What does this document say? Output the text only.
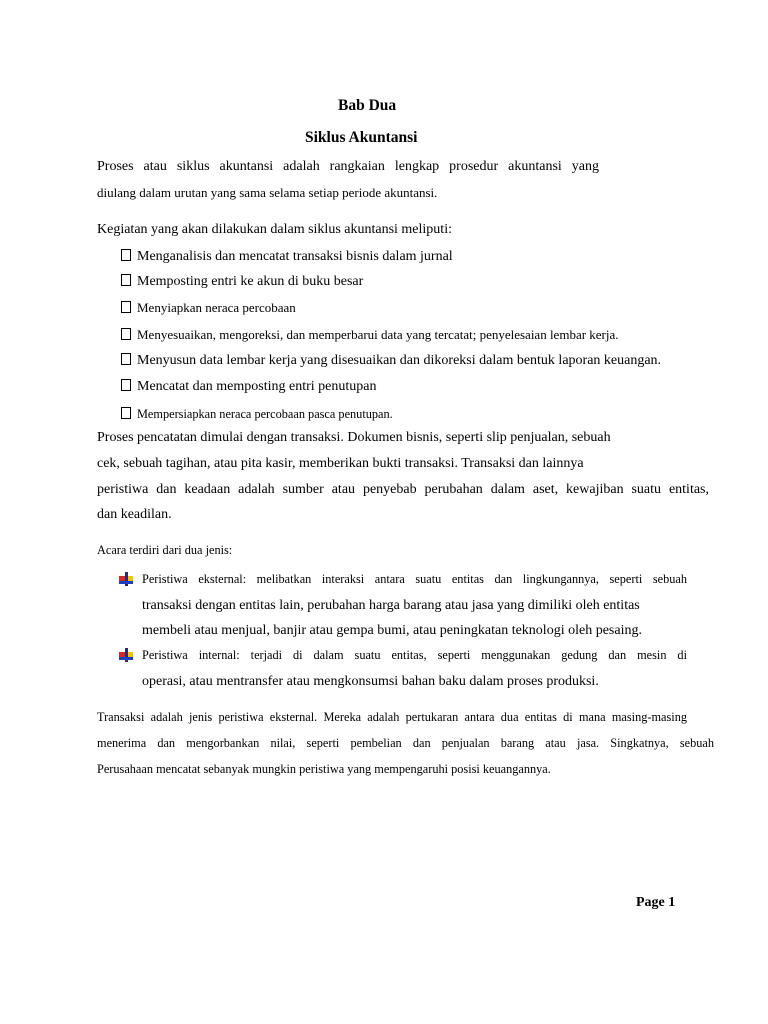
Bab Dua
Siklus Akuntansi
Proses atau siklus akuntansi adalah rangkaian lengkap prosedur akuntansi yang
diulang dalam urutan yang sama selama setiap periode akuntansi.
Kegiatan yang akan dilakukan dalam siklus akuntansi meliputi:
Menganalisis dan mencatat transaksi bisnis dalam jurnal
Memposting entri ke akun di buku besar
Menyiapkan neraca percobaan
Menyesuaikan, mengoreksi, dan memperbarui data yang tercatat; penyelesaian lembar kerja.
Menyusun data lembar kerja yang disesuaikan dan dikoreksi dalam bentuk laporan keuangan.
Mencatat dan memposting entri penutupan
Mempersiapkan neraca percobaan pasca penutupan.
Proses pencatatan dimulai dengan transaksi. Dokumen bisnis, seperti slip penjualan, sebuah
cek, sebuah tagihan, atau pita kasir, memberikan bukti transaksi. Transaksi dan lainnya
peristiwa dan keadaan adalah sumber atau penyebab perubahan dalam aset, kewajiban suatu entitas,
dan keadilan.
Acara terdiri dari dua jenis:
Peristiwa eksternal: melibatkan interaksi antara suatu entitas dan lingkungannya, seperti sebuah
transaksi dengan entitas lain, perubahan harga barang atau jasa yang dimiliki oleh entitas
membeli atau menjual, banjir atau gempa bumi, atau peningkatan teknologi oleh pesaing.
Peristiwa internal: terjadi di dalam suatu entitas, seperti menggunakan gedung dan mesin di
operasi, atau mentransfer atau mengkonsumsi bahan baku dalam proses produksi.
Transaksi adalah jenis peristiwa eksternal. Mereka adalah pertukaran antara dua entitas di mana masing-masing
menerima dan mengorbankan nilai, seperti pembelian dan penjualan barang atau jasa. Singkatnya, sebuah
Perusahaan mencatat sebanyak mungkin peristiwa yang mempengaruhi posisi keuangannya.
Page 1
